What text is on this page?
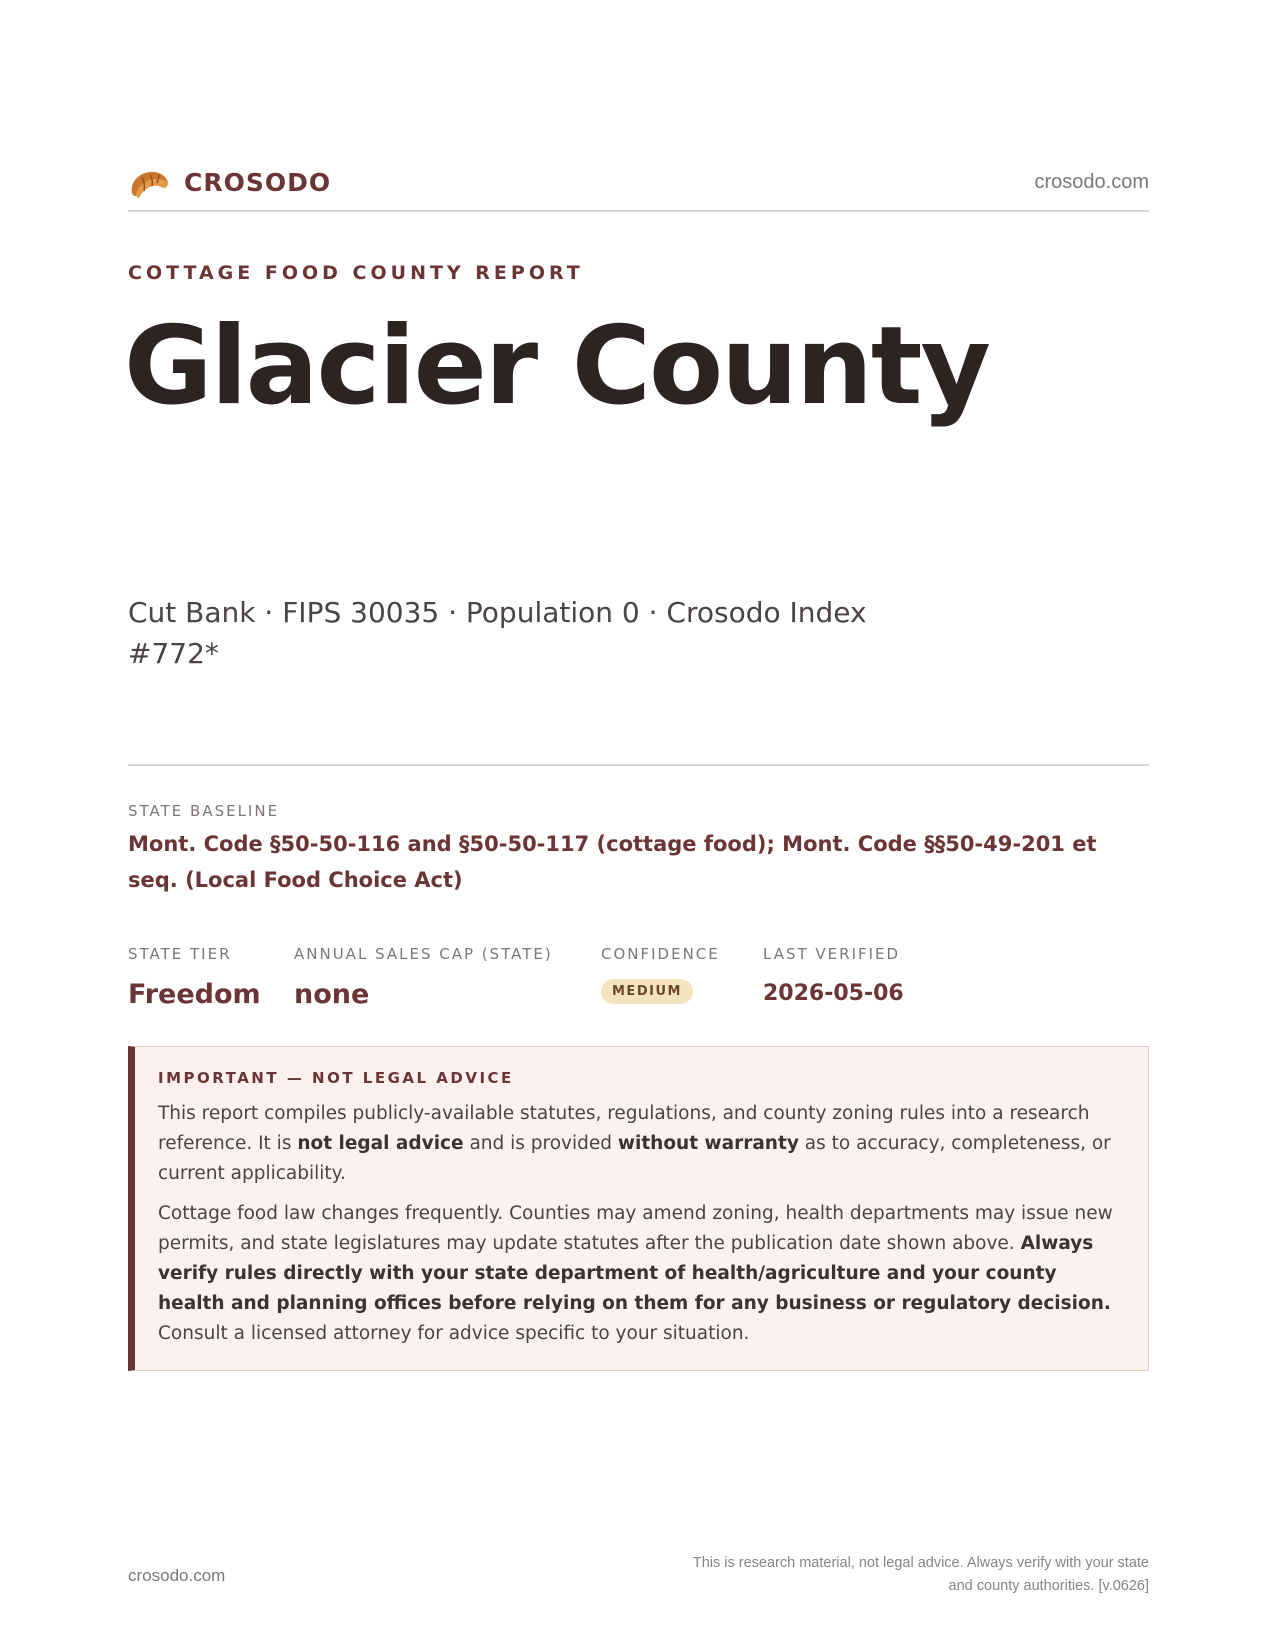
CROSODO	crosodo.com
COTTAGE FOOD COUNTY REPORT
Glacier County
Cut Bank · FIPS 30035 · Population 0 · Crosodo Index #772*
STATE BASELINE
Mont. Code §50-50-116 and §50-50-117 (cottage food); Mont. Code §§50-49-201 et seq. (Local Food Choice Act)
STATE TIER
Freedom
ANNUAL SALES CAP (STATE)
none
CONFIDENCE
MEDIUM
LAST VERIFIED
2026-05-06
IMPORTANT — NOT LEGAL ADVICE

This report compiles publicly-available statutes, regulations, and county zoning rules into a research reference. It is not legal advice and is provided without warranty as to accuracy, completeness, or current applicability.

Cottage food law changes frequently. Counties may amend zoning, health departments may issue new permits, and state legislatures may update statutes after the publication date shown above. Always verify rules directly with your state department of health/agriculture and your county health and planning offices before relying on them for any business or regulatory decision. Consult a licensed attorney for advice specific to your situation.

crosodo.com
This is research material, not legal advice. Always verify with your state
and county authorities. [v.0626]
